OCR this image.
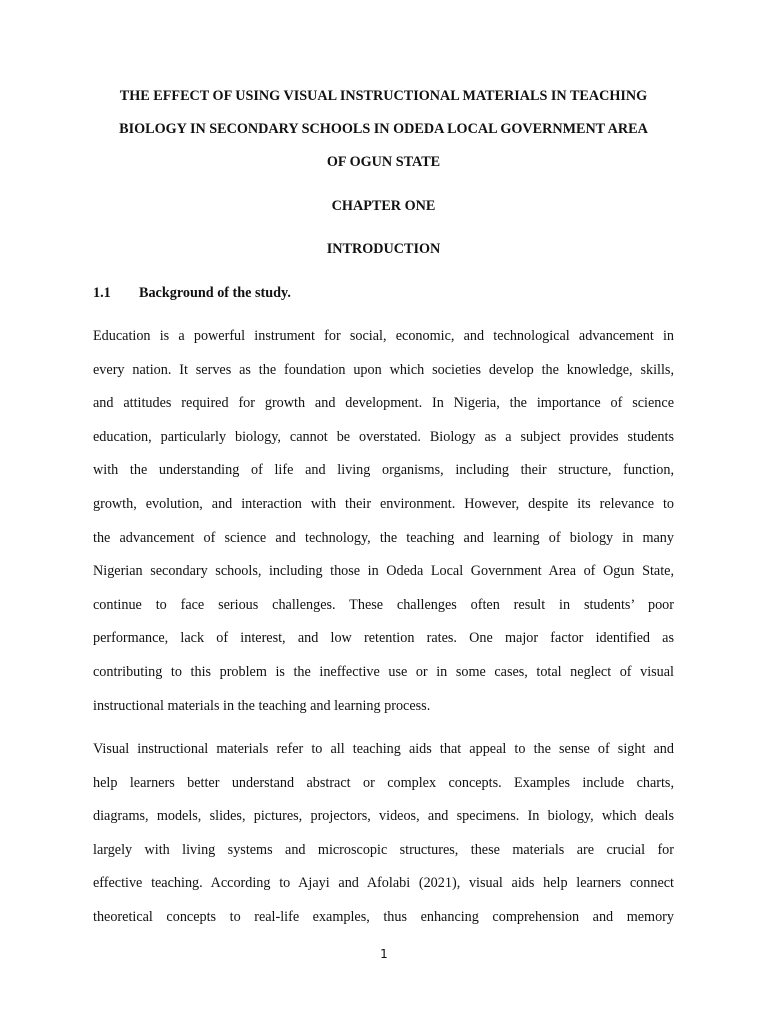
THE EFFECT OF USING VISUAL INSTRUCTIONAL MATERIALS IN TEACHING
BIOLOGY IN SECONDARY SCHOOLS IN ODEDA LOCAL GOVERNMENT AREA
OF OGUN STATE
CHAPTER ONE
INTRODUCTION
1.1 Background of the study.
Education is a powerful instrument for social, economic, and technological advancement in
every nation. It serves as the foundation upon which societies develop the knowledge, skills,
and attitudes required for growth and development. In Nigeria, the importance of science
education, particularly biology, cannot be overstated. Biology as a subject provides students
with the understanding of life and living organisms, including their structure, function,
growth, evolution, and interaction with their environment. However, despite its relevance to
the advancement of science and technology, the teaching and learning of biology in many
Nigerian secondary schools, including those in Odeda Local Government Area of Ogun State,
continue to face serious challenges. These challenges often result in students’ poor
performance, lack of interest, and low retention rates. One major factor identified as
contributing to this problem is the ineffective use or in some cases, total neglect of visual
instructional materials in the teaching and learning process.
Visual instructional materials refer to all teaching aids that appeal to the sense of sight and
help learners better understand abstract or complex concepts. Examples include charts,
diagrams, models, slides, pictures, projectors, videos, and specimens. In biology, which deals
largely with living systems and microscopic structures, these materials are crucial for
effective teaching. According to Ajayi and Afolabi (2021), visual aids help learners connect
theoretical concepts to real-life examples, thus enhancing comprehension and memory
1
